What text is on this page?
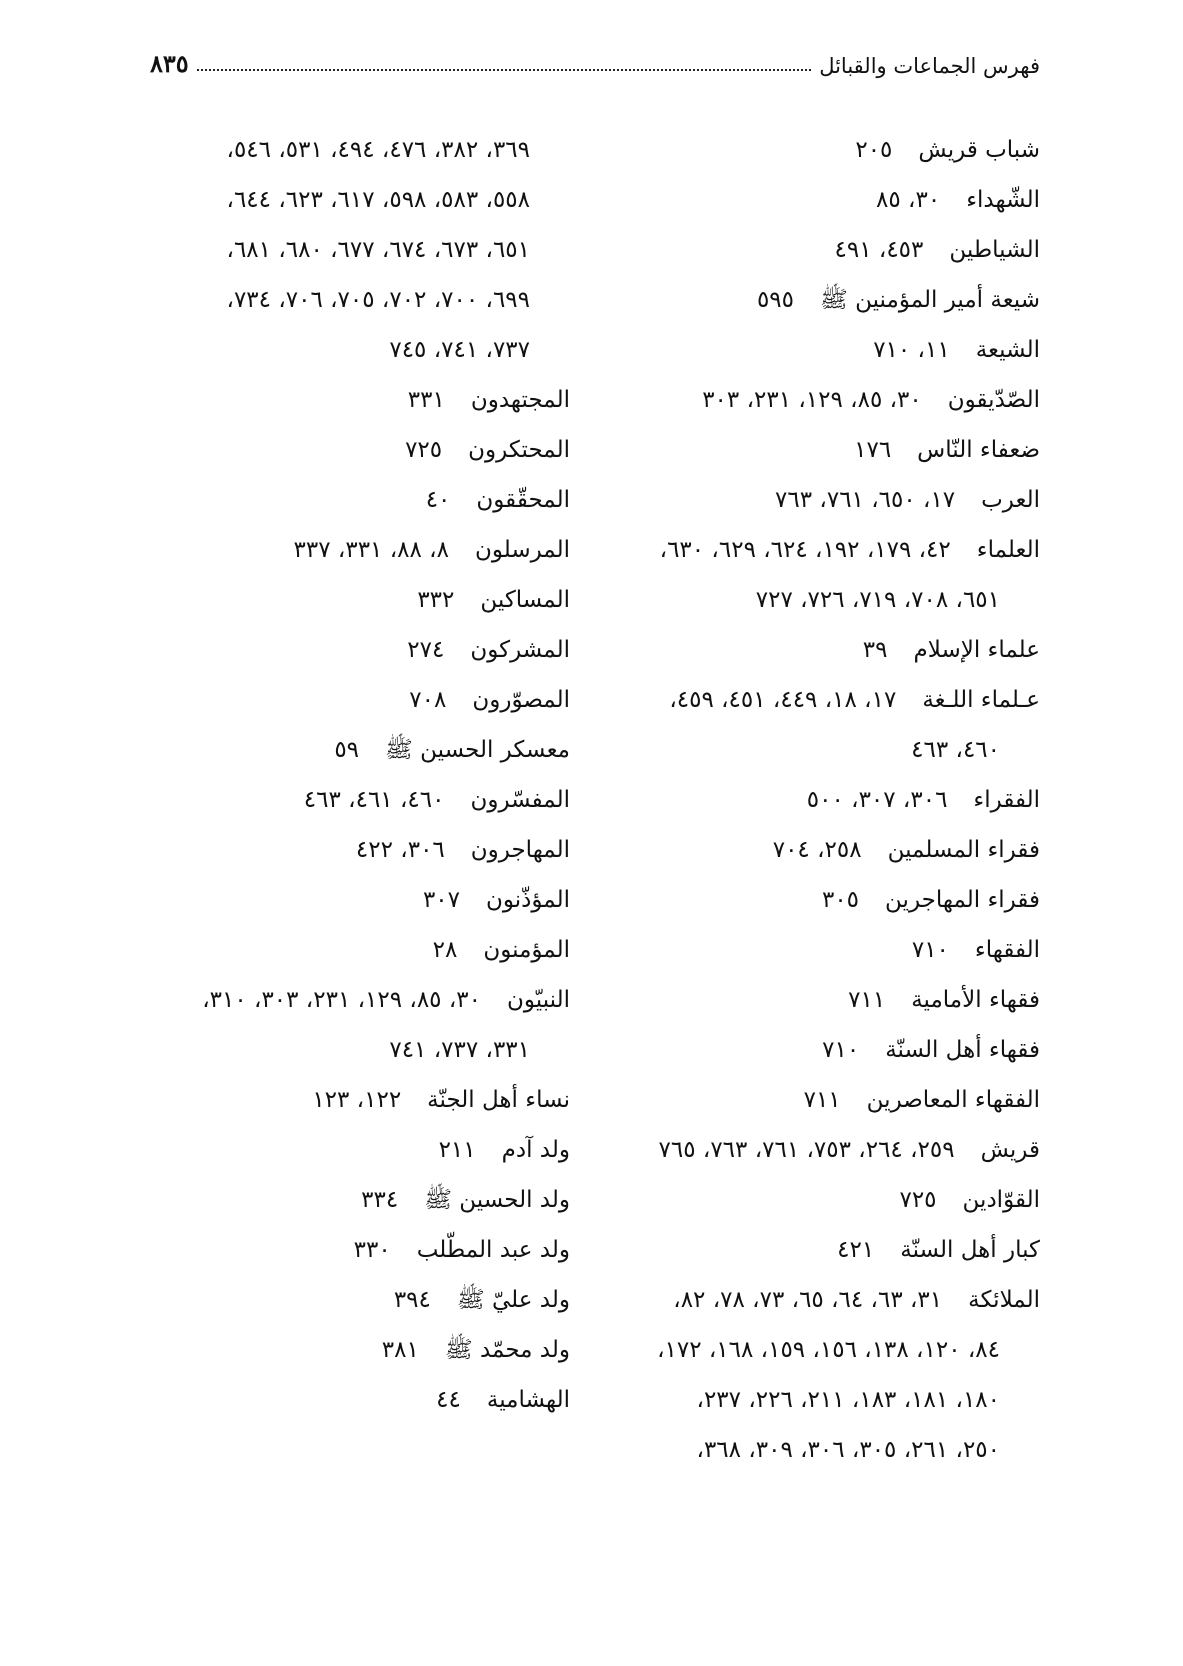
فهرس الجماعات والقبائل
٨٣٥
شباب قريش٢٠٥
الشّهداء٣٠، ٨٥
الشياطين٤٥٣، ٤٩١
شيعة أمير المؤمنين ﷺ٥٩٥
الشيعة١١، ٧١٠
الصّدّيقون٣٠، ٨٥، ١٢٩، ٢٣١، ٣٠٣
ضعفاء النّاس١٧٦
العرب١٧، ٦٥٠، ٧٦١، ٧٦٣
العلماء٤٢، ١٧٩، ١٩٢، ٦٢٤، ٦٢٩، ٦٣٠،
٦٥١، ٧٠٨، ٧١٩، ٧٢٦، ٧٢٧
علماء الإسلام٣٩
عـلماء اللـغة١٧، ١٨، ٤٤٩، ٤٥١، ٤٥٩،
٤٦٠، ٤٦٣
الفقراء٣٠٦، ٣٠٧، ٥٠٠
فقراء المسلمين٢٥٨، ٧٠٤
فقراء المهاجرين٣٠٥
الفقهاء٧١٠
فقهاء الأمامية٧١١
فقهاء أهل السنّة٧١٠
الفقهاء المعاصرين٧١١
قريش٢٥٩، ٢٦٤، ٧٥٣، ٧٦١، ٧٦٣، ٧٦٥
القوّادين٧٢٥
كبار أهل السنّة٤٢١
الملائكة٣١، ٦٣، ٦٤، ٦٥، ٧٣، ٧٨، ٨٢،
٨٤، ١٢٠، ١٣٨، ١٥٦، ١٥٩، ١٦٨، ١٧٢،
١٨٠، ١٨١، ١٨٣، ٢١١، ٢٢٦، ٢٣٧،
٢٥٠، ٢٦١، ٣٠٥، ٣٠٦، ٣٠٩، ٣٦٨،
٣٦٩، ٣٨٢، ٤٧٦، ٤٩٤، ٥٣١، ٥٤٦،
٥٥٨، ٥٨٣، ٥٩٨، ٦١٧، ٦٢٣، ٦٤٤،
٦٥١، ٦٧٣، ٦٧٤، ٦٧٧، ٦٨٠، ٦٨١،
٦٩٩، ٧٠٠، ٧٠٢، ٧٠٥، ٧٠٦، ٧٣٤،
٧٣٧، ٧٤١، ٧٤٥
المجتهدون٣٣١
المحتكرون٧٢٥
المحقّقون٤٠
المرسلون٨، ٨٨، ٣٣١، ٣٣٧
المساكين٣٣٢
المشركون٢٧٤
المصوّرون٧٠٨
معسكر الحسين ﷺ٥٩
المفسّرون٤٦٠، ٤٦١، ٤٦٣
المهاجرون٣٠٦، ٤٢٢
المؤذّنون٣٠٧
المؤمنون٢٨
النبيّون٣٠، ٨٥، ١٢٩، ٢٣١، ٣٠٣، ٣١٠،
٣٣١، ٧٣٧، ٧٤١
نساء أهل الجنّة١٢٢، ١٢٣
ولد آدم٢١١
ولد الحسين ﷺ٣٣٤
ولد عبد المطّلب٣٣٠
ولد عليّ ﷺ٣٩٤
ولد محمّد ﷺ٣٨١
الهشامية٤٤
